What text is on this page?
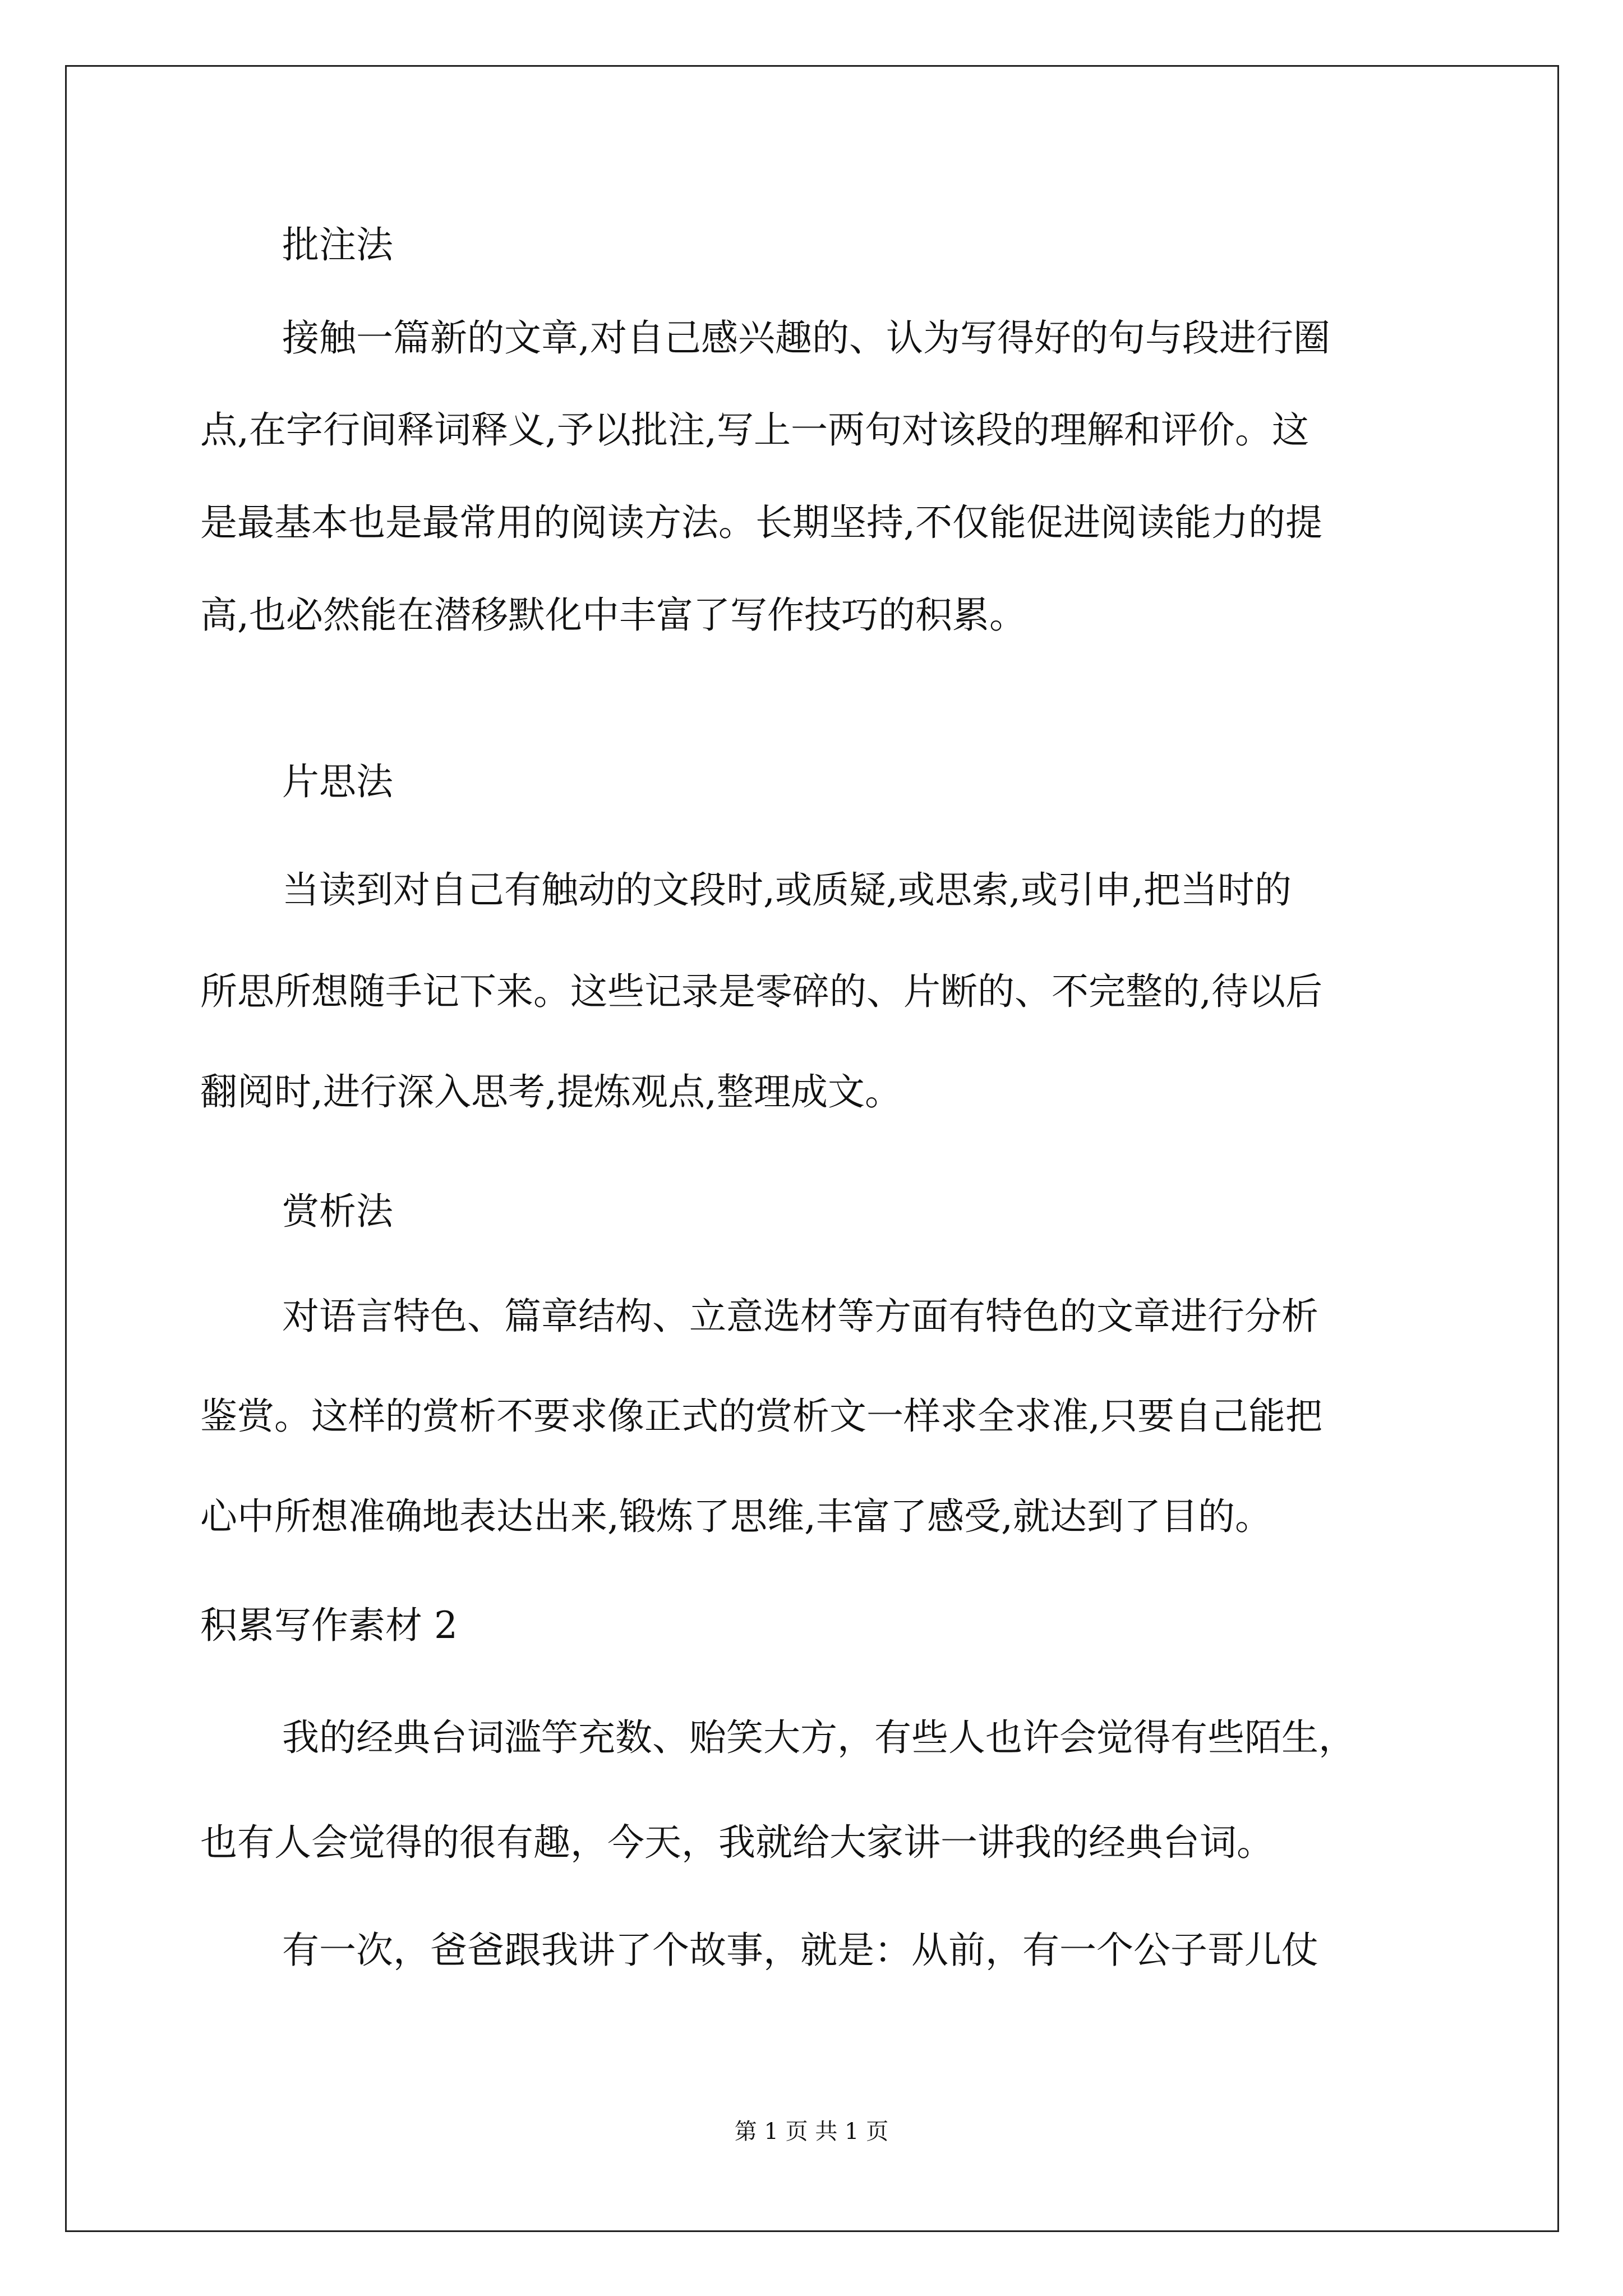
批注法
接触一篇新的文章,对自己感兴趣的、认为写得好的句与段进行圈
点,在字行间释词释义,予以批注,写上一两句对该段的理解和评价。这
是最基本也是最常用的阅读方法。长期坚持,不仅能促进阅读能力的提
高,也必然能在潜移默化中丰富了写作技巧的积累。
片思法
当读到对自己有触动的文段时,或质疑,或思索,或引申,把当时的
所思所想随手记下来。这些记录是零碎的、片断的、不完整的,待以后
翻阅时,进行深入思考,提炼观点,整理成文。
赏析法
对语言特色、篇章结构、立意选材等方面有特色的文章进行分析
鉴赏。这样的赏析不要求像正式的赏析文一样求全求准,只要自己能把
心中所想准确地表达出来,锻炼了思维,丰富了感受,就达到了目的。
积累写作素材 2
我的经典台词滥竽充数、贻笑大方，有些人也许会觉得有些陌生，
也有人会觉得的很有趣，今天，我就给大家讲一讲我的经典台词。
有一次，爸爸跟我讲了个故事，就是：从前，有一个公子哥儿仗
第 1 页 共 1 页
